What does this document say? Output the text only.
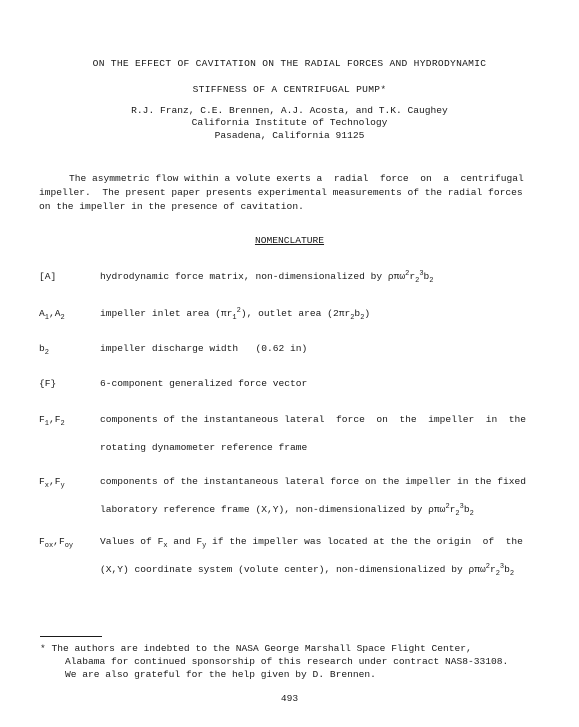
ON THE EFFECT OF CAVITATION ON THE RADIAL FORCES AND HYDRODYNAMIC
STIFFNESS OF A CENTRIFUGAL PUMP*
R.J. Franz, C.E. Brennen, A.J. Acosta, and T.K. Caughey
California Institute of Technology
Pasadena, California 91125
The asymmetric flow within a volute exerts a  radial  force  on  a  centrifugal
impeller.  The present paper presents experimental measurements of the radial forces
on the impeller in the presence of cavitation.
NOMENCLATURE
[A]	hydrodynamic force matrix, non-dimensionalized by $\rho\pi\omega^2r_2^3b_2$
$A_1,A_2$	impeller inlet area $(\pi r_1^2)$, outlet area $(2\pi r_2b_2)$
$b_2$	impeller discharge width   (0.62 in)
{F}	6-component generalized force vector
$F_1,F_2$	components of the instantaneous lateral  force  on  the  impeller  in  the
rotating dynamometer reference frame
$F_x,F_y$	components of the instantaneous lateral force on the impeller in the fixed
laboratory reference frame (X,Y), non-dimensionalized by $\rho\pi\omega^2r_2^3b_2$
$F_{ox},F_{oy}$	Values of $F_x$ and $F_y$ if the impeller was located at the the origin  of  the
(X,Y) coordinate system (volute center), non-dimensionalized by $\rho\pi\omega^2r_2^3b_2$
* The authors are indebted to the NASA George Marshall Space Flight Center,
Alabama for continued sponsorship of this research under contract NAS8-33108.
We are also grateful for the help given by D. Brennen.
493
